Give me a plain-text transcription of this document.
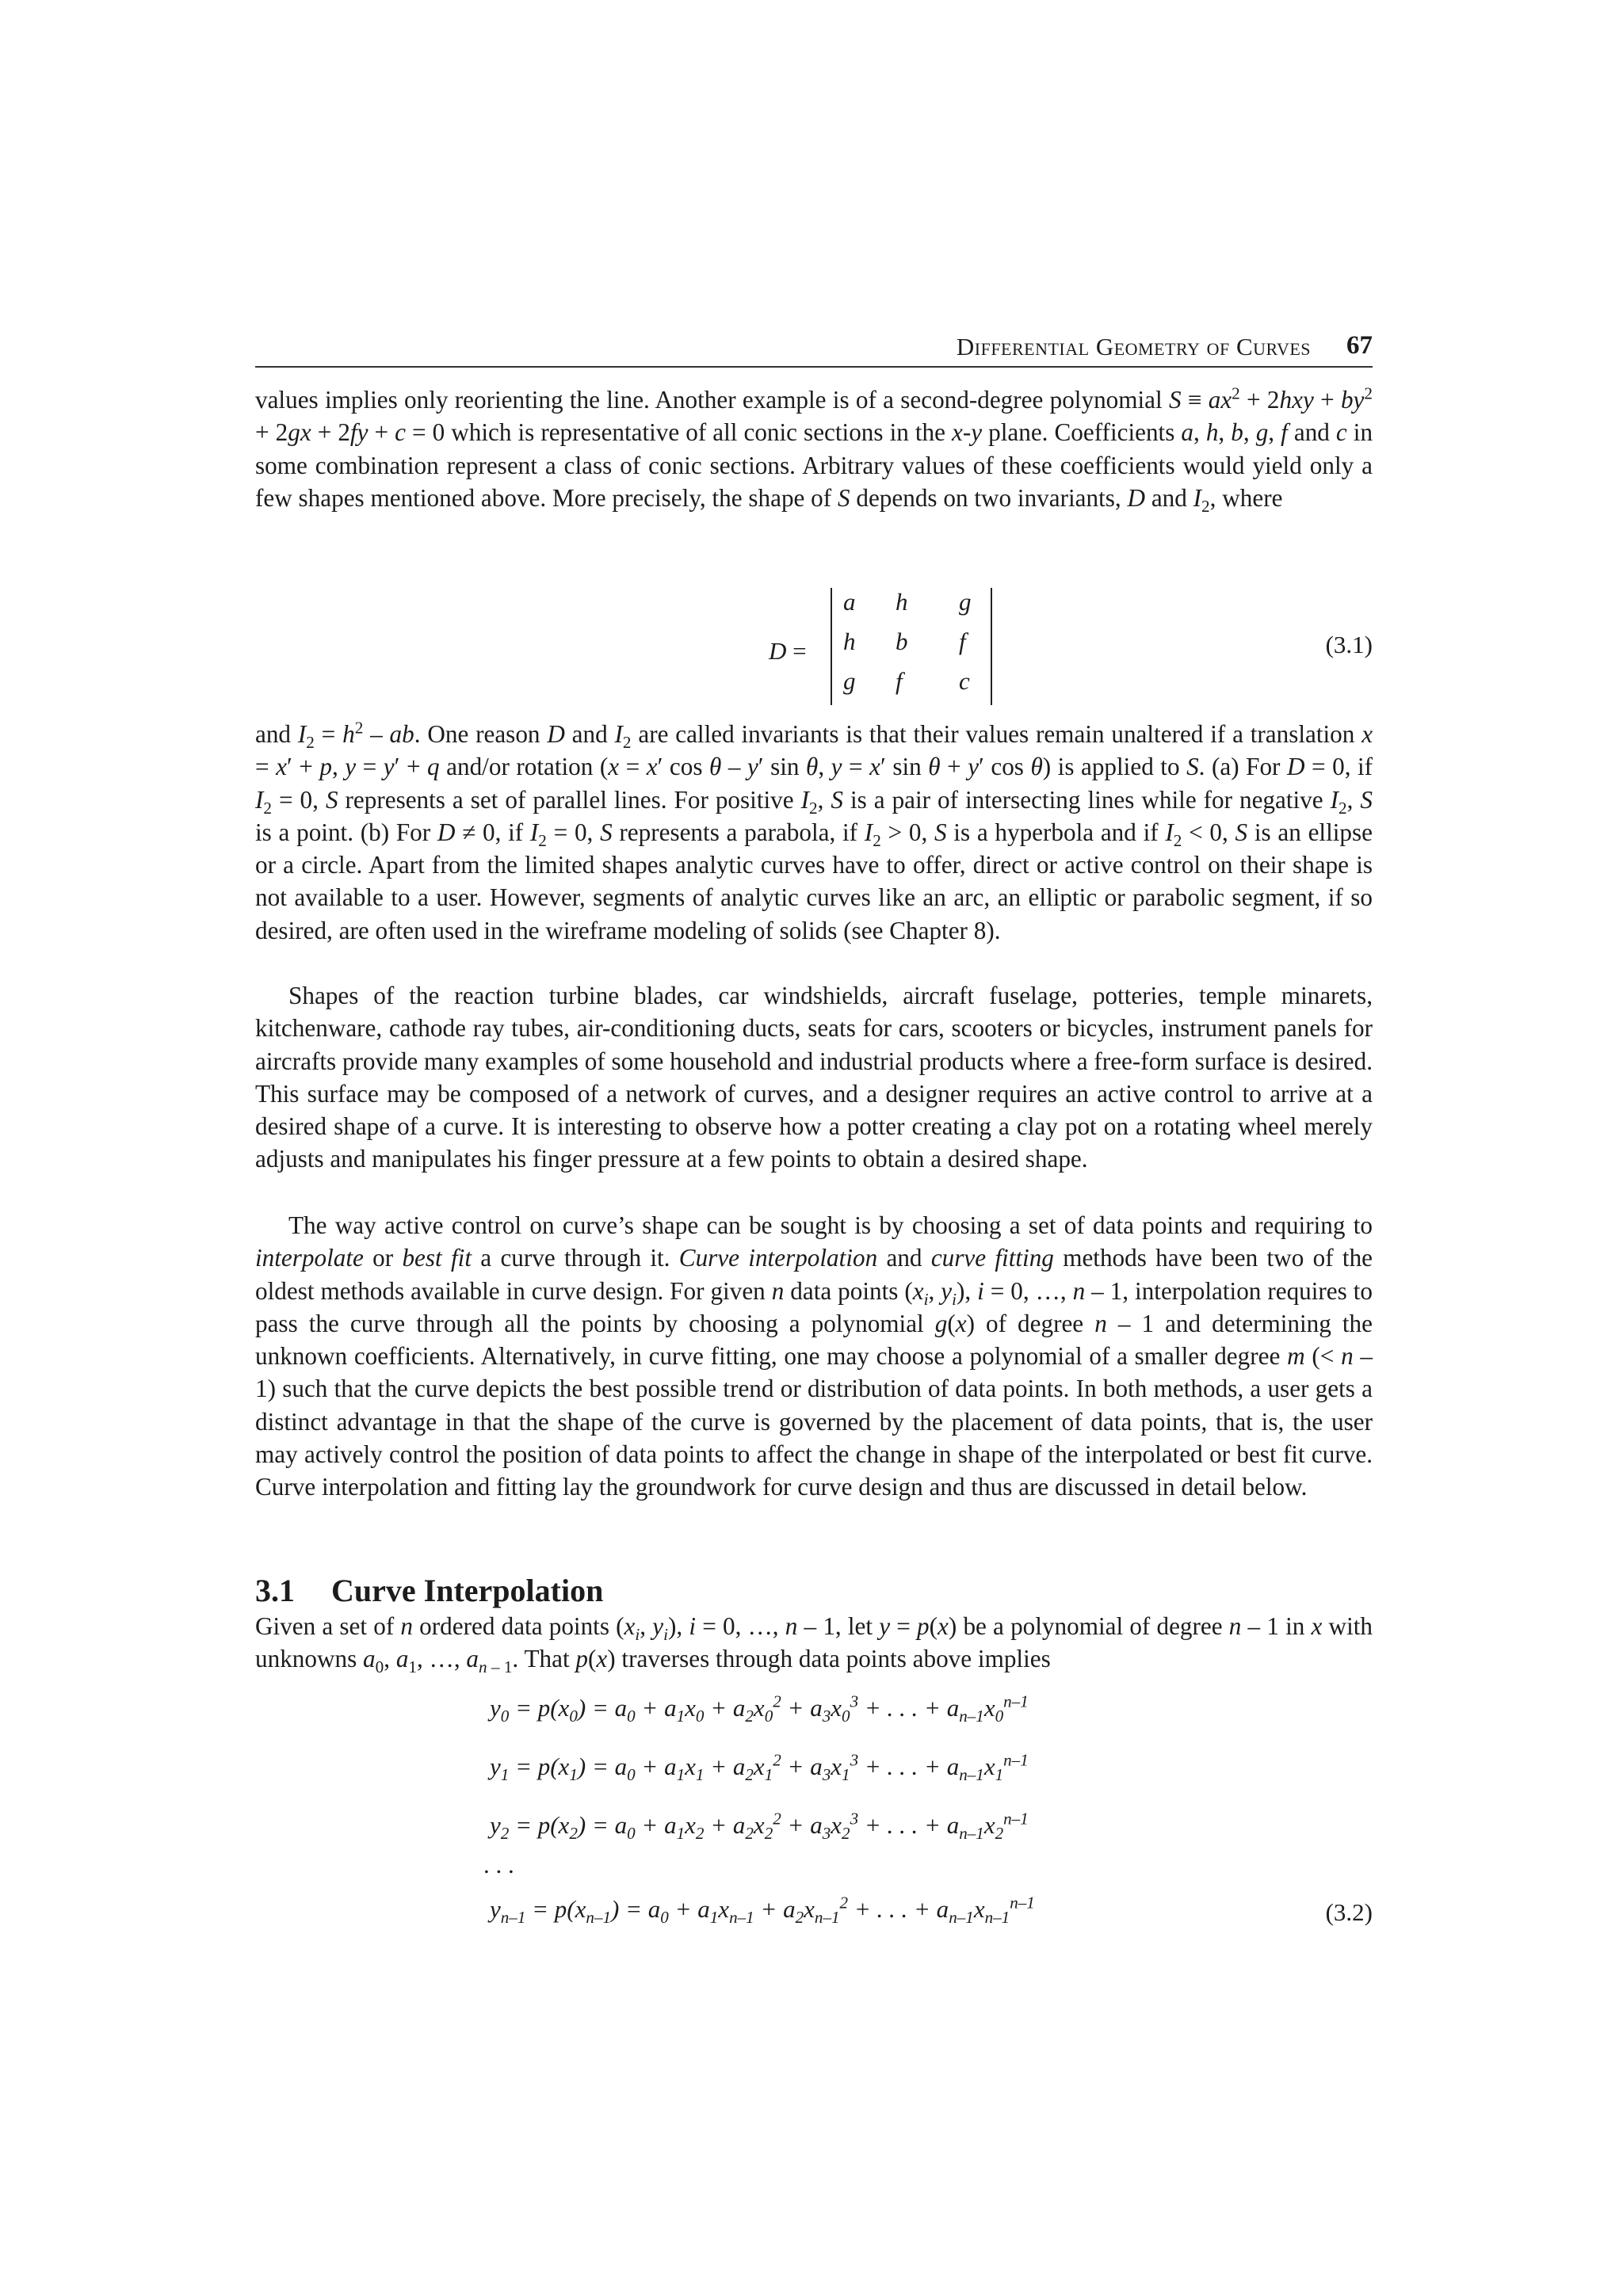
Differential Geometry of Curves 67

values implies only reorienting the line. Another example is of a second-degree polynomial $S \equiv ax^2 + 2hxy + by^2 + 2gx + 2fy + c = 0$ which is representative of all conic sections in the x-y plane. Coefficients a, h, b, g, f and c in some combination represent a class of conic sections. Arbitrary values of these coefficients would yield only a few shapes mentioned above. More precisely, the shape of S depends on two invariants, D and $I_2$, where

D =
a h g
h b f
g f c
(3.1)

and $I_2 = h^2$ – ab. One reason D and $I_2$ are called invariants is that their values remain unaltered if a translation x = x′ + p, y = y′ + q and/or rotation (x = x′ cos θ – y′ sin θ, y = x′ sin θ + y′ cos θ) is applied to S. (a) For D = 0, if $I_2 = 0$, S represents a set of parallel lines. For positive $I_2$, S is a pair of intersecting lines while for negative $I_2$, S is a point. (b) For D ≠ 0, if $I_2 = 0$, S represents a parabola, if $I_2 > 0$, S is a hyperbola and if $I_2 < 0$, S is an ellipse or a circle. Apart from the limited shapes analytic curves have to offer, direct or active control on their shape is not available to a user. However, segments of analytic curves like an arc, an elliptic or parabolic segment, if so desired, are often used in the wireframe modeling of solids (see Chapter 8).

Shapes of the reaction turbine blades, car windshields, aircraft fuselage, potteries, temple minarets, kitchenware, cathode ray tubes, air-conditioning ducts, seats for cars, scooters or bicycles, instrument panels for aircrafts provide many examples of some household and industrial products where a free-form surface is desired. This surface may be composed of a network of curves, and a designer requires an active control to arrive at a desired shape of a curve. It is interesting to observe how a potter creating a clay pot on a rotating wheel merely adjusts and manipulates his finger pressure at a few points to obtain a desired shape.

The way active control on curve’s shape can be sought is by choosing a set of data points and requiring to interpolate or best fit a curve through it. Curve interpolation and curve fitting methods have been two of the oldest methods available in curve design. For given n data points ($x_i$, $y_i$), i = 0, …, n – 1, interpolation requires to pass the curve through all the points by choosing a polynomial g(x) of degree n – 1 and determining the unknown coefficients. Alternatively, in curve fitting, one may choose a polynomial of a smaller degree m (< n – 1) such that the curve depicts the best possible trend or distribution of data points. In both methods, a user gets a distinct advantage in that the shape of the curve is governed by the placement of data points, that is, the user may actively control the position of data points to affect the change in shape of the interpolated or best fit curve. Curve interpolation and fitting lay the groundwork for curve design and thus are discussed in detail below.

3.1 Curve Interpolation

Given a set of n ordered data points ($x_i$, $y_i$), i = 0, …, n – 1, let y = p(x) be a polynomial of degree n – 1 in x with unknowns $a_0$, $a_1$, …, $a_{n - 1}$. That p(x) traverses through data points above implies

$y_0 = p(x_0) = a_0 + a_1x_0 + a_2x_0^2 + a_3x_0^3$ + . . . + $a_{n-1}x_0^{n-1}$
$y_1 = p(x_1) = a_0 + a_1x_1 + a_2x_1^2 + a_3x_1^3$ + . . . + $a_{n-1}x_1^{n-1}$
$y_2 = p(x_2) = a_0 + a_1x_2 + a_2x_2^2 + a_3x_2^3$ + . . . + $a_{n-1}x_2^{n-1}$
. . .
$y_{n-1} = p(x_{n-1}) = a_0 + a_1x_{n-1} + a_2x_{n-1}^2$ + . . . + $a_{n-1}x_{n-1}^{n-1}$	(3.2)
